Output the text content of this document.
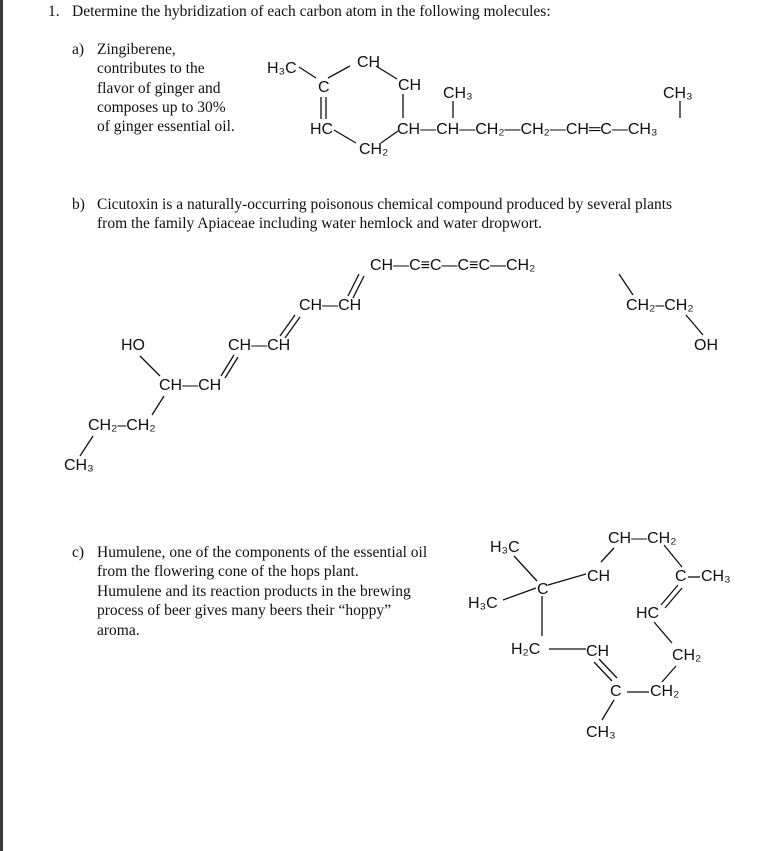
1. Determine the hybridization of each carbon atom in the following molecules:
a) Zingiberene,
contributes to the
flavor of ginger and
composes up to 30%
of ginger essential oil.
b) Cicutoxin is a naturally-occurring poisonous chemical compound produced by several plants
from the family Apiaceae including water hemlock and water dropwort.
c) Humulene, one of the components of the essential oil
from the flowering cone of the hops plant.
Humulene and its reaction products in the brewing
process of beer gives many beers their “hoppy”
aroma.
H₃C
C
CH
CH
HC
CH₂
CH₃	CH₃
CH—CH—CH₂—CH₂—CH═C—CH₃
CH—C≡C—C≡C—CH₂
CH—CH
CH—CH
CH—CH
HO
CH₂–CH₂
CH₃
CH₂–CH₂
OH
H₃C
H₃C
C
CH
CH—CH₂
C CH₃
HC
H₂C	CH	CH₂
C CH₂
CH₃
